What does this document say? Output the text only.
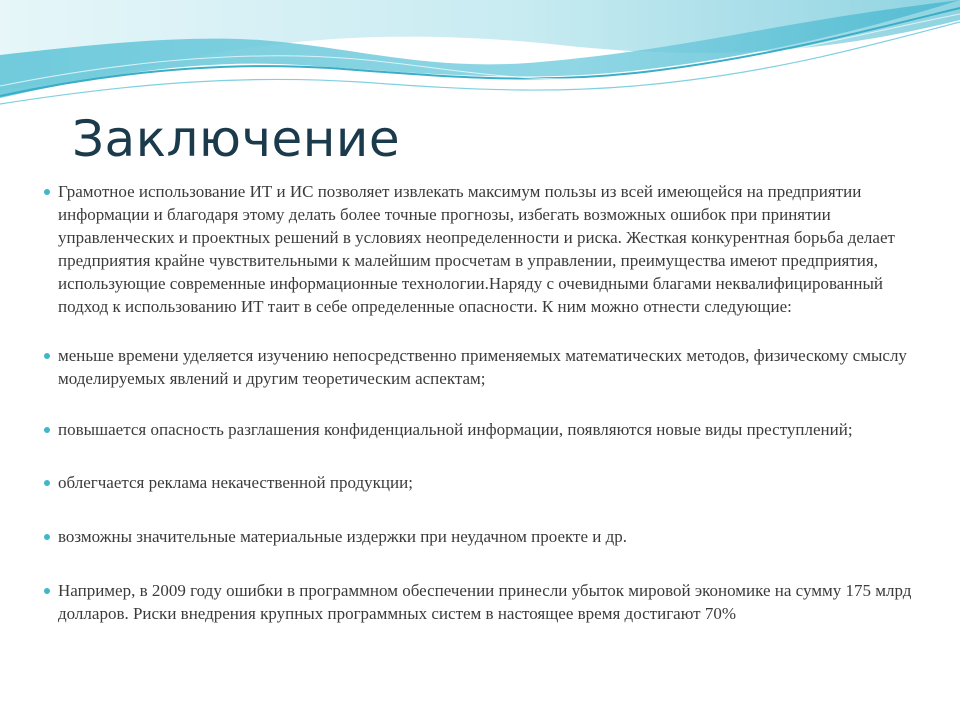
Заключение
Грамотное использование ИТ и ИС позволяет извлекать максимум пользы из всей имеющейся на предприятии информации и благодаря этому делать более точные прогнозы, избегать возможных ошибок при принятии управленческих и проектных решений в условиях неопределенности и риска. Жесткая конкурентная борьба делает предприятия крайне чувствительными к малейшим просчетам в управлении, преимущества имеют предприятия, использующие современные информационные технологии.Наряду с очевидными благами неквалифицированный подход к использованию ИТ таит в себе определенные опасности. К ним можно отнести следующие:
меньше времени уделяется изучению непосредственно применяемых математических методов, физическому смыслу моделируемых явлений и другим теоретическим аспектам;
повышается опасность разглашения конфиденциальной информации, появляются новые виды преступлений;
облегчается реклама некачественной продукции;
возможны значительные материальные издержки при неудачном проекте и др.
Например, в 2009 году ошибки в программном обеспечении принесли убыток мировой экономике на сумму 175 млрд долларов. Риски внедрения крупных программных систем в настоящее время достигают 70%
